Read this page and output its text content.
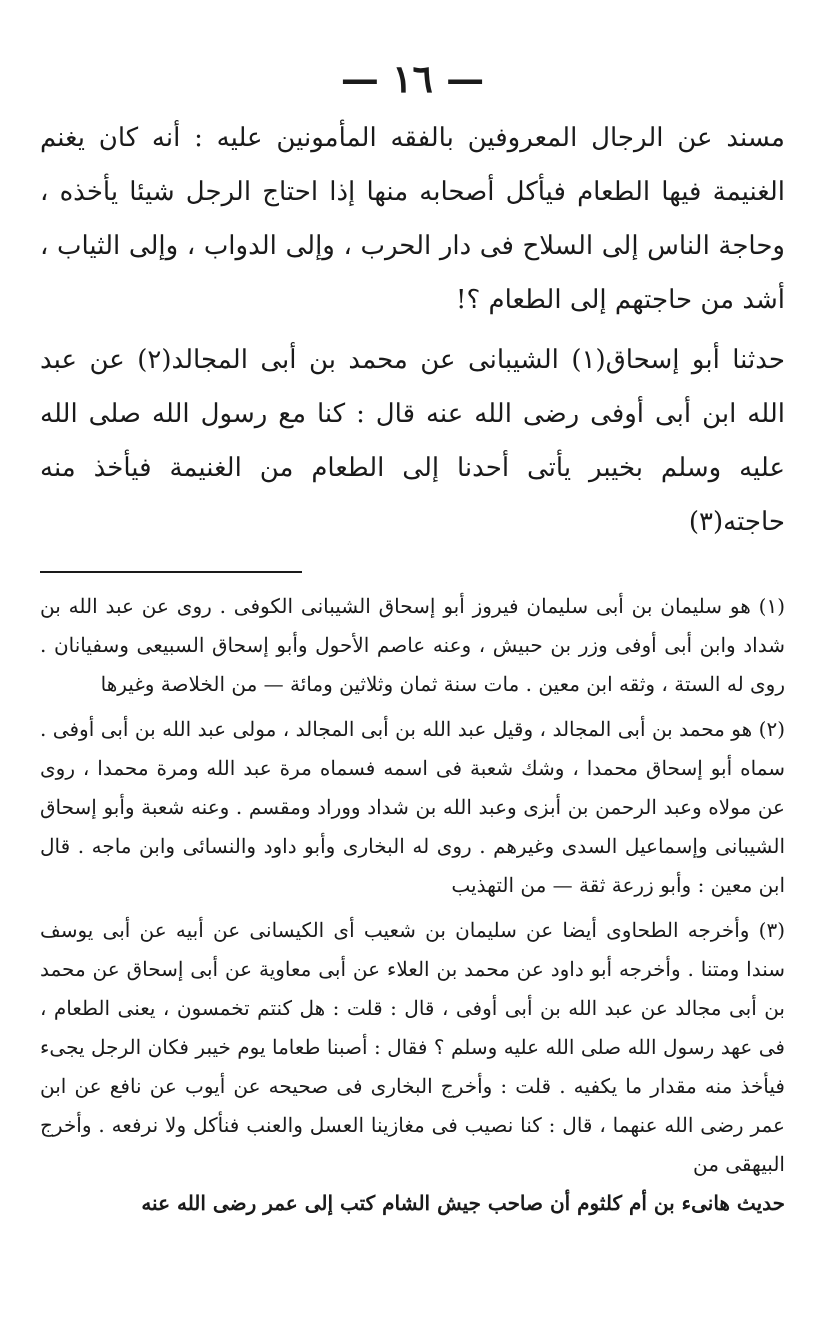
— ١٦ —

مسند عن الرجال المعروفين بالفقه المأمونين عليه : أنه كان يغنم الغنيمة فيها الطعام فيأكل أصحابه منها إذا احتاج الرجل شيئا يأخذه ، وحاجة الناس إلى السلاح فى دار الحرب ، وإلى الدواب ، وإلى الثياب ، أشد من حاجتهم إلى الطعام ؟!

حدثنا أبو إسحاق(١) الشيبانى عن محمد بن أبى المجالد(٢) عن عبد الله ابن أبى أوفى رضى الله عنه قال : كنا مع رسول الله صلى الله عليه وسلم بخيبر يأتى أحدنا إلى الطعام من الغنيمة فيأخذ منه حاجته(٣)

(١) هو سليمان بن أبى سليمان فيروز أبو إسحاق الشيبانى الكوفى . روى عن عبد الله بن شداد وابن أبى أوفى وزر بن حبيش ، وعنه عاصم الأحول وأبو إسحاق السبيعى وسفيانان . روى له الستة ، وثقه ابن معين . مات سنة ثمان وثلاثين ومائة — من الخلاصة وغيرها

(٢) هو محمد بن أبى المجالد ، وقيل عبد الله بن أبى المجالد ، مولى عبد الله بن أبى أوفى . سماه أبو إسحاق محمدا ، وشك شعبة فى اسمه فسماه مرة عبد الله ومرة محمدا ، روى عن مولاه وعبد الرحمن بن أبزى وعبد الله بن شداد ووراد ومقسم . وعنه شعبة وأبو إسحاق الشيبانى وإسماعيل السدى وغيرهم . روى له البخارى وأبو داود والنسائى وابن ماجه . قال ابن معين : وأبو زرعة ثقة — من التهذيب

(٣) وأخرجه الطحاوى أيضا عن سليمان بن شعيب أى الكيسانى عن أبيه عن أبى يوسف سندا ومتنا . وأخرجه أبو داود عن محمد بن العلاء عن أبى معاوية عن أبى إسحاق عن محمد بن أبى مجالد عن عبد الله بن أبى أوفى ، قال : قلت : هل كنتم تخمسون ، يعنى الطعام ، فى عهد رسول الله صلى الله عليه وسلم ؟ فقال : أصبنا طعاما يوم خيبر فكان الرجل يجىء فيأخذ منه مقدار ما يكفيه . قلت : وأخرج البخارى فى صحيحه عن أيوب عن نافع عن ابن عمر رضى الله عنهما ، قال : كنا نصيب فى مغازينا العسل والعنب فنأكل ولا نرفعه . وأخرج البيهقى من

حديث هانىء بن أم كلثوم أن صاحب جيش الشام كتب إلى عمر رضى الله عنه
